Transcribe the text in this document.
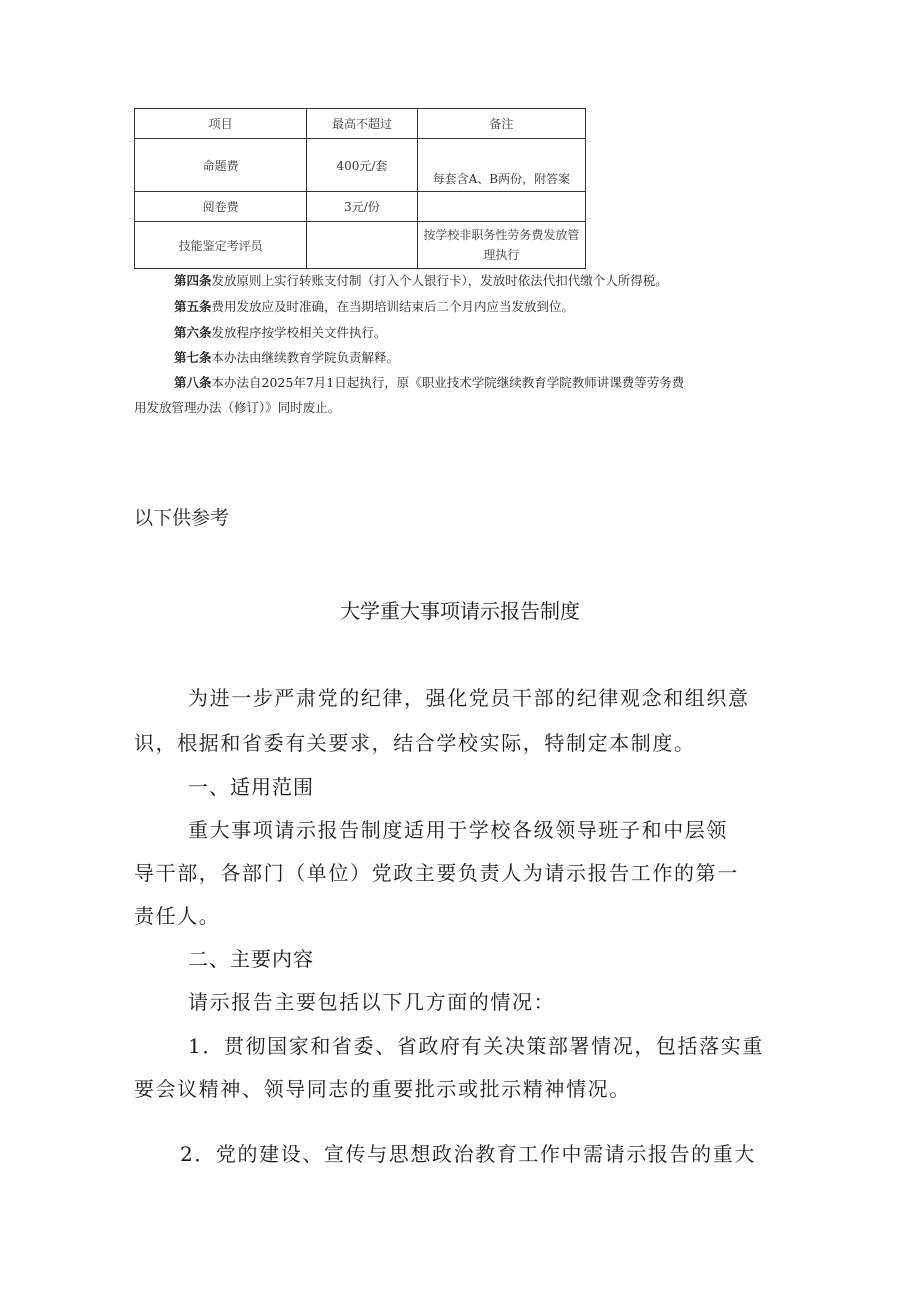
项目	最高不超过	备注
命题费	400元/套	每套含A、B两份，附答案
阅卷费	3元/份	
技能鉴定考评员		按学校非职务性劳务费发放管理执行
第四条发放原则上实行转账支付制（打入个人银行卡），发放时依法代扣代缴个人所得税。
第五条费用发放应及时准确，在当期培训结束后二个月内应当发放到位。
第六条发放程序按学校相关文件执行。
第七条本办法由继续教育学院负责解释。
第八条本办法自2025年7月1日起执行，原《职业技术学院继续教育学院教师讲课费等劳务费
用发放管理办法（修订）》同时废止。
以下供参考
大学重大事项请示报告制度
为进一步严肃党的纪律，强化党员干部的纪律观念和组织意
识，根据和省委有关要求，结合学校实际，特制定本制度。
一、适用范围
重大事项请示报告制度适用于学校各级领导班子和中层领
导干部，各部门（单位）党政主要负责人为请示报告工作的第一
责任人。
二、主要内容
请示报告主要包括以下几方面的情况：
1．贯彻国家和省委、省政府有关决策部署情况，包括落实重
要会议精神、领导同志的重要批示或批示精神情况。
2．党的建设、宣传与思想政治教育工作中需请示报告的重大
